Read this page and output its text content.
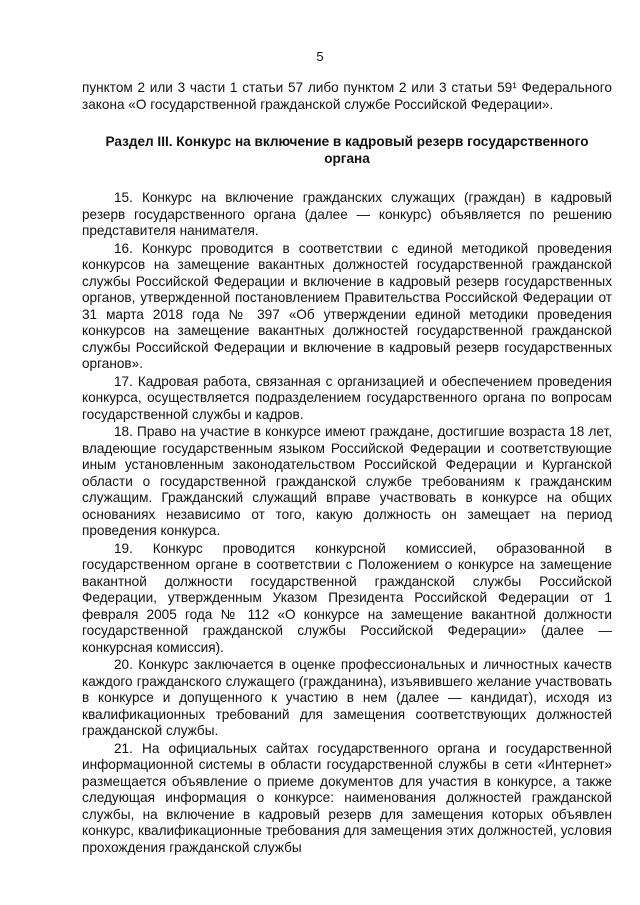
5

пунктом 2 или 3 части 1 статьи 57 либо пунктом 2 или 3 статьи 59¹ Федерального закона «О государственной гражданской службе Российской Федерации».

Раздел III. Конкурс на включение в кадровый резерв государственного органа

15. Конкурс на включение гражданских служащих (граждан) в кадровый резерв государственного органа (далее — конкурс) объявляется по решению представителя нанимателя.

16. Конкурс проводится в соответствии с единой методикой проведения конкурсов на замещение вакантных должностей государственной гражданской службы Российской Федерации и включение в кадровый резерв государственных органов, утвержденной постановлением Правительства Российской Федерации от 31 марта 2018 года № 397 «Об утверждении единой методики проведения конкурсов на замещение вакантных должностей государственной гражданской службы Российской Федерации и включение в кадровый резерв государственных органов».

17. Кадровая работа, связанная с организацией и обеспечением проведения конкурса, осуществляется подразделением государственного органа по вопросам государственной службы и кадров.

18. Право на участие в конкурсе имеют граждане, достигшие возраста 18 лет, владеющие государственным языком Российской Федерации и соответствующие иным установленным законодательством Российской Федерации и Курганской области о государственной гражданской службе требованиям к гражданским служащим. Гражданский служащий вправе участвовать в конкурсе на общих основаниях независимо от того, какую должность он замещает на период проведения конкурса.

19. Конкурс проводится конкурсной комиссией, образованной в государственном органе в соответствии с Положением о конкурсе на замещение вакантной должности государственной гражданской службы Российской Федерации, утвержденным Указом Президента Российской Федерации от 1 февраля 2005 года № 112 «О конкурсе на замещение вакантной должности государственной гражданской службы Российской Федерации» (далее — конкурсная комиссия).

20. Конкурс заключается в оценке профессиональных и личностных качеств каждого гражданского служащего (гражданина), изъявившего желание участвовать в конкурсе и допущенного к участию в нем (далее — кандидат), исходя из квалификационных требований для замещения соответствующих должностей гражданской службы.

21. На официальных сайтах государственного органа и государственной информационной системы в области государственной службы в сети «Интернет» размещается объявление о приеме документов для участия в конкурсе, а также следующая информация о конкурсе: наименования должностей гражданской службы, на включение в кадровый резерв для замещения которых объявлен конкурс, квалификационные требования для замещения этих должностей, условия прохождения гражданской службы
